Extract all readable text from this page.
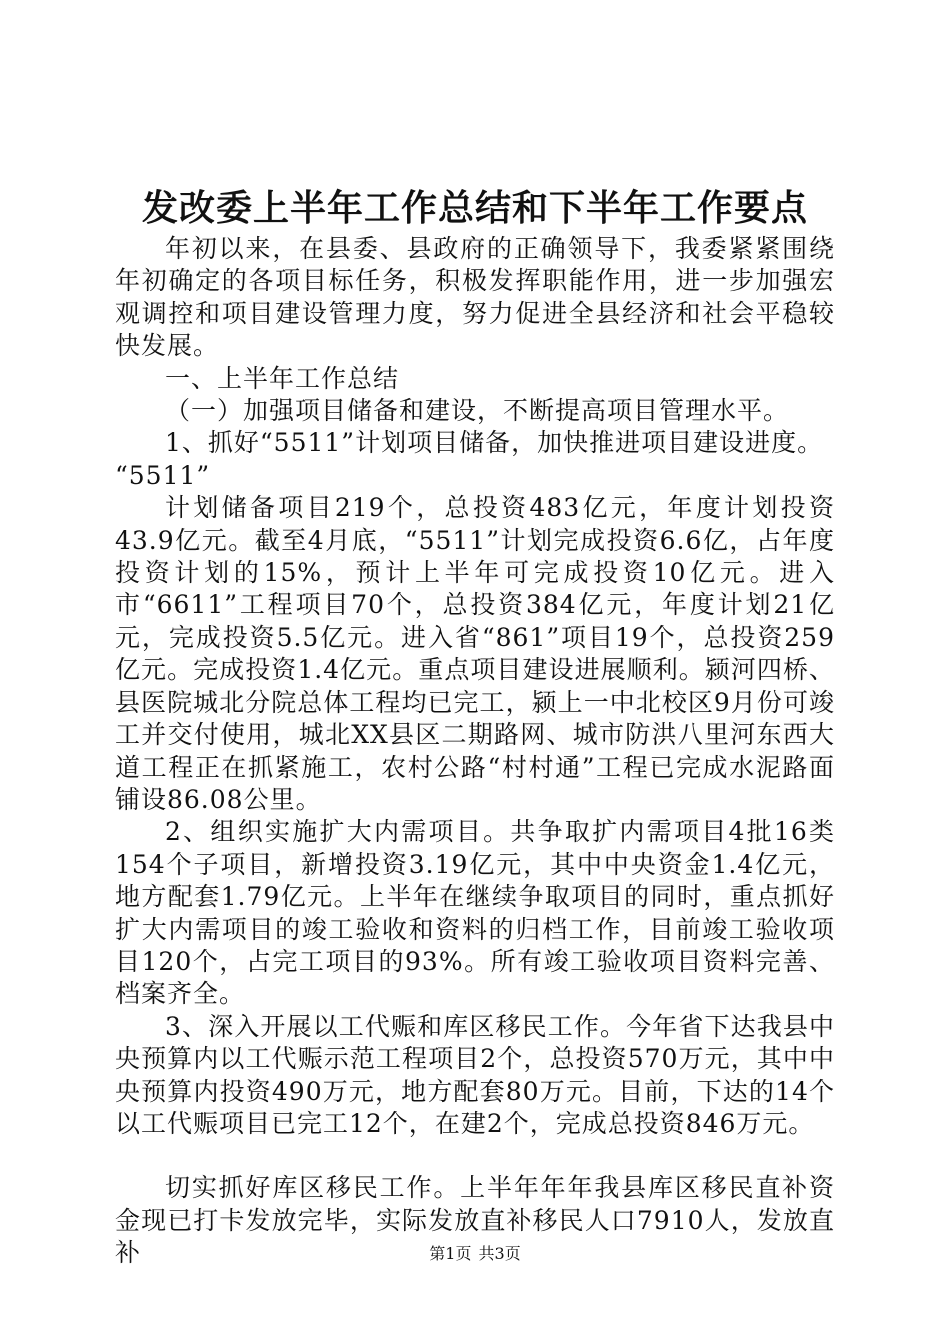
发改委上半年工作总结和下半年工作要点

年初以来，在县委、县政府的正确领导下，我委紧紧围绕年初确定的各项目标任务，积极发挥职能作用，进一步加强宏观调控和项目建设管理力度，努力促进全县经济和社会平稳较快发展。

一、上半年工作总结

（一）加强项目储备和建设，不断提高项目管理水平。

1、抓好“5511”计划项目储备，加快推进项目建设进度。

“5511”

计划储备项目219个，总投资483亿元，年度计划投资43.9亿元。截至4月底，“5511”计划完成投资6.6亿，占年度投资计划的15%，预计上半年可完成投资10亿元。进入市“6611”工程项目70个，总投资384亿元，年度计划21亿元，完成投资5.5亿元。进入省“861”项目19个，总投资259亿元。完成投资1.4亿元。重点项目建设进展顺利。颍河四桥、县医院城北分院总体工程均已完工，颍上一中北校区9月份可竣工并交付使用，城北XX县区二期路网、城市防洪八里河东西大道工程正在抓紧施工，农村公路“村村通”工程已完成水泥路面铺设86.08公里。

2、组织实施扩大内需项目。共争取扩内需项目4批16类154个子项目，新增投资3.19亿元，其中中央资金1.4亿元，地方配套1.79亿元。上半年在继续争取项目的同时，重点抓好扩大内需项目的竣工验收和资料的归档工作，目前竣工验收项目120个，占完工项目的93%。所有竣工验收项目资料完善、档案齐全。

3、深入开展以工代赈和库区移民工作。今年省下达我县中央预算内以工代赈示范工程项目2个，总投资570万元，其中中央预算内投资490万元，地方配套80万元。目前，下达的14个以工代赈项目已完工12个，在建2个，完成总投资846万元。

切实抓好库区移民工作。上半年年年我县库区移民直补资金现已打卡发放完毕，实际发放直补移民人口7910人，发放直补	第1页 共3页
